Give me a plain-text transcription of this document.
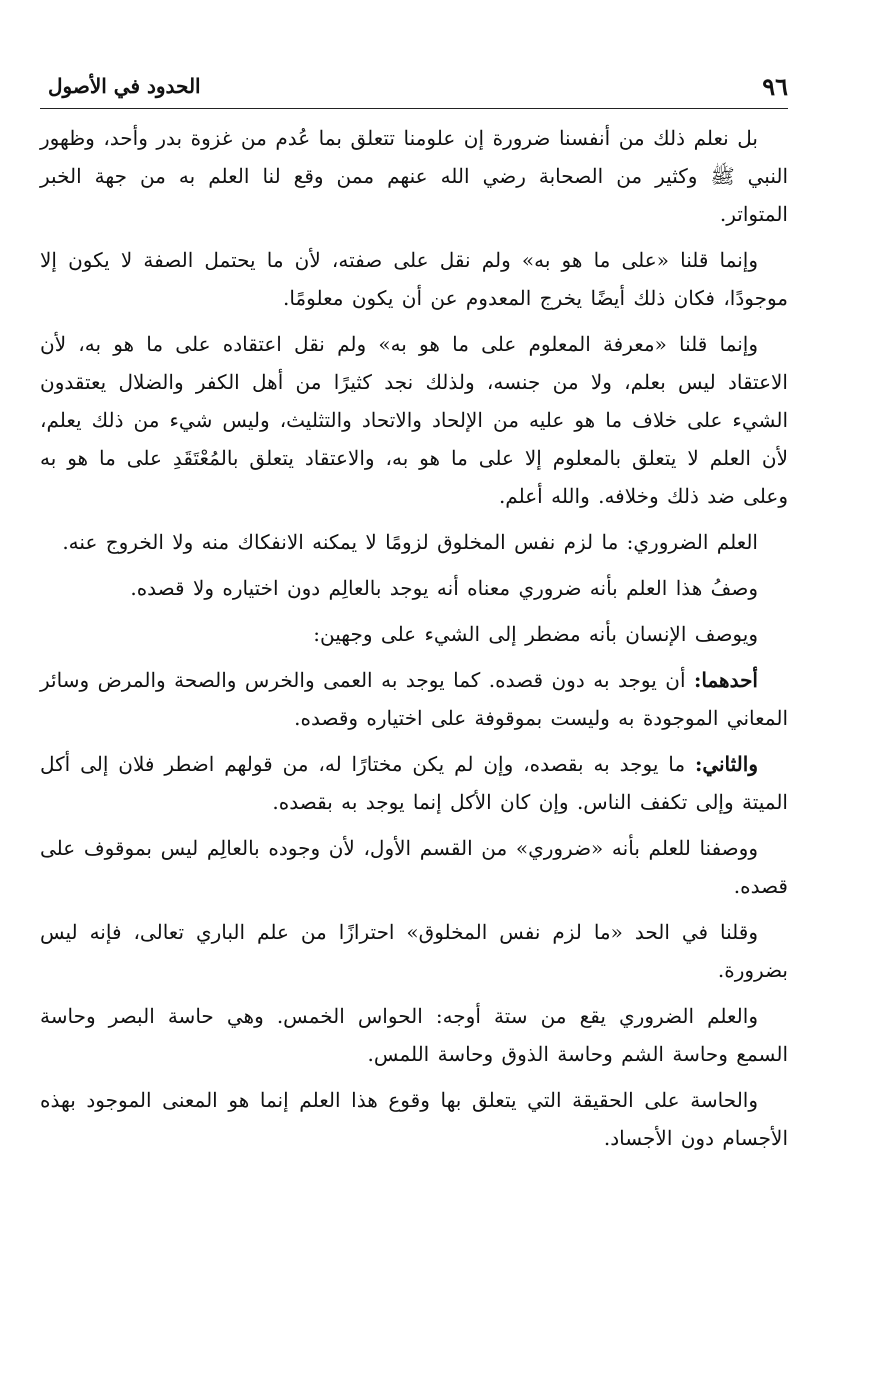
٩٦
الحدود في الأصول

بل نعلم ذلك من أنفسنا ضرورة إن علومنا تتعلق بما عُدم من غزوة بدر وأحد، وظهور النبي ﷺ وكثير من الصحابة رضي الله عنهم ممن وقع لنا العلم به من جهة الخبر المتواتر.

وإنما قلنا «على ما هو به» ولم نقل على صفته، لأن ما يحتمل الصفة لا يكون إلا موجودًا، فكان ذلك أيضًا يخرج المعدوم عن أن يكون معلومًا.

وإنما قلنا «معرفة المعلوم على ما هو به» ولم نقل اعتقاده على ما هو به، لأن الاعتقاد ليس بعلم، ولا من جنسه، ولذلك نجد كثيرًا من أهل الكفر والضلال يعتقدون الشيء على خلاف ما هو عليه من الإلحاد والاتحاد والتثليث، وليس شيء من ذلك يعلم، لأن العلم لا يتعلق بالمعلوم إلا على ما هو به، والاعتقاد يتعلق بالمُعْتَقَدِ على ما هو به وعلى ضد ذلك وخلافه. والله أعلم.

العلم الضروري: ما لزم نفس المخلوق لزومًا لا يمكنه الانفكاك منه ولا الخروج عنه.

وصفُ هذا العلم بأنه ضروري معناه أنه يوجد بالعالِم دون اختياره ولا قصده.

ويوصف الإنسان بأنه مضطر إلى الشيء على وجهين:

أحدهما: أن يوجد به دون قصده. كما يوجد به العمى والخرس والصحة والمرض وسائر المعاني الموجودة به وليست بموقوفة على اختياره وقصده.

والثاني: ما يوجد به بقصده، وإن لم يكن مختارًا له، من قولهم اضطر فلان إلى أكل الميتة وإلى تكفف الناس. وإن كان الأكل إنما يوجد به بقصده.

ووصفنا للعلم بأنه «ضروري» من القسم الأول، لأن وجوده بالعالِم ليس بموقوف على قصده.

وقلنا في الحد «ما لزم نفس المخلوق» احترازًا من علم الباري تعالى، فإنه ليس بضرورة.

والعلم الضروري يقع من ستة أوجه: الحواس الخمس. وهي حاسة البصر وحاسة السمع وحاسة الشم وحاسة الذوق وحاسة اللمس.

والحاسة على الحقيقة التي يتعلق بها وقوع هذا العلم إنما هو المعنى الموجود بهذه الأجسام دون الأجساد.
